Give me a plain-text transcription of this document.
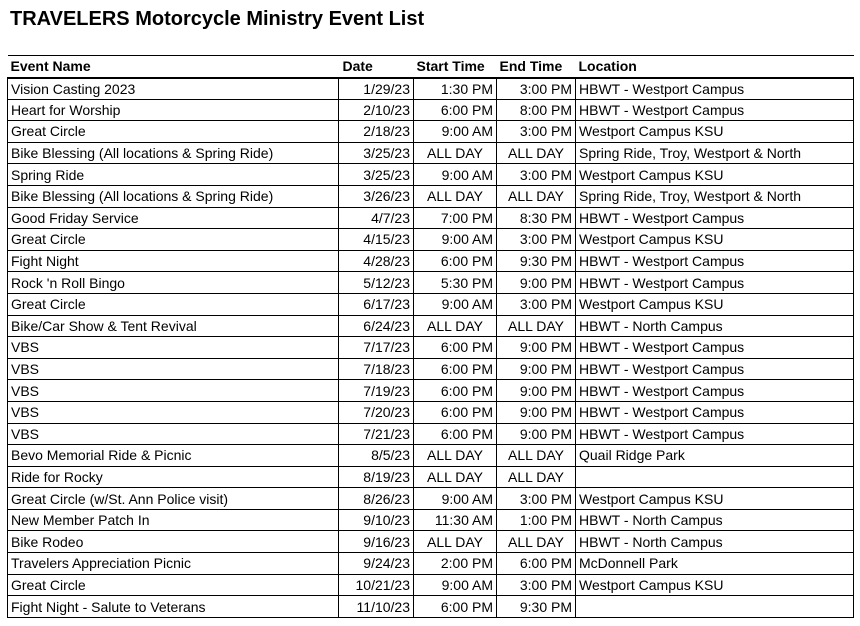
TRAVELERS Motorcycle Ministry Event List
Event Name	Date	Start Time	End Time	Location
Vision Casting 2023	1/29/23	1:30 PM	3:00 PM	HBWT - Westport Campus
Heart for Worship	2/10/23	6:00 PM	8:00 PM	HBWT - Westport Campus
Great Circle	2/18/23	9:00 AM	3:00 PM	Westport Campus KSU
Bike Blessing (All locations & Spring Ride)	3/25/23	ALL DAY	ALL DAY	Spring Ride, Troy, Westport & North
Spring Ride	3/25/23	9:00 AM	3:00 PM	Westport Campus KSU
Bike Blessing (All locations & Spring Ride)	3/26/23	ALL DAY	ALL DAY	Spring Ride, Troy, Westport & North
Good Friday Service	4/7/23	7:00 PM	8:30 PM	HBWT - Westport Campus
Great Circle	4/15/23	9:00 AM	3:00 PM	Westport Campus KSU
Fight Night	4/28/23	6:00 PM	9:30 PM	HBWT - Westport Campus
Rock 'n Roll Bingo	5/12/23	5:30 PM	9:00 PM	HBWT - Westport Campus
Great Circle	6/17/23	9:00 AM	3:00 PM	Westport Campus KSU
Bike/Car Show & Tent Revival	6/24/23	ALL DAY	ALL DAY	HBWT - North Campus
VBS	7/17/23	6:00 PM	9:00 PM	HBWT - Westport Campus
VBS	7/18/23	6:00 PM	9:00 PM	HBWT - Westport Campus
VBS	7/19/23	6:00 PM	9:00 PM	HBWT - Westport Campus
VBS	7/20/23	6:00 PM	9:00 PM	HBWT - Westport Campus
VBS	7/21/23	6:00 PM	9:00 PM	HBWT - Westport Campus
Bevo Memorial Ride & Picnic	8/5/23	ALL DAY	ALL DAY	Quail Ridge Park
Ride for Rocky	8/19/23	ALL DAY	ALL DAY	
Great Circle (w/St. Ann Police visit)	8/26/23	9:00 AM	3:00 PM	Westport Campus KSU
New Member Patch In	9/10/23	11:30 AM	1:00 PM	HBWT - North Campus
Bike Rodeo	9/16/23	ALL DAY	ALL DAY	HBWT - North Campus
Travelers Appreciation Picnic	9/24/23	2:00 PM	6:00 PM	McDonnell Park
Great Circle	10/21/23	9:00 AM	3:00 PM	Westport Campus KSU
Fight Night - Salute to Veterans	11/10/23	6:00 PM	9:30 PM	
